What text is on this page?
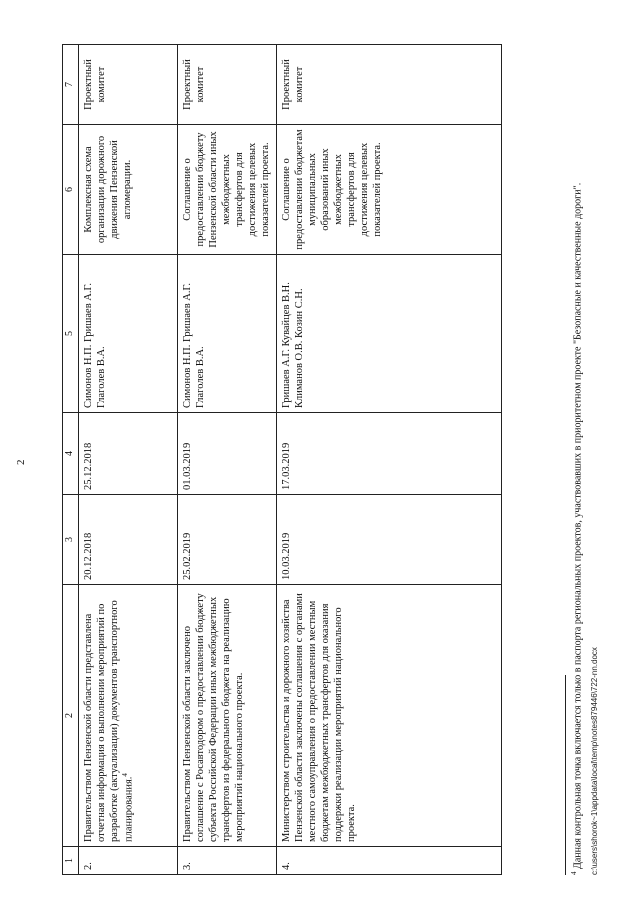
2
1	2	3	4	5	6	7
2.	Правительством Пензенской области представлена отчетная информация о выполнении мероприятий по разработке (актуализации) документов транспортного планирования.$^4$	20.12.2018	25.12.2018	Симонов Н.П. Гришаев А.Г. Глаголев В.А.	Комплексная схема организации дорожного движения Пензенской агломерации.	Проектный комитет
3.	Правительством Пензенской области заключено соглашение с Росавтодором о предоставлении бюджету субъекта Российской Федерации иных межбюджетных трансфертов из федерального бюджета на реализацию мероприятий национального проекта.	25.02.2019	01.03.2019	Симонов Н.П. Гришаев А.Г. Глаголев В.А.	Соглашение о предоставлении бюджету Пензенской области иных межбюджетных трансфертов для достижения целевых показателей проекта.	Проектный комитет
4.	Министерством строительства и дорожного хозяйства Пензенской области заключены соглашения с органами местного самоуправления о предоставлении местным бюджетам межбюджетных трансфертов для оказания поддержки реализации мероприятий национального проекта.	10.03.2019	17.03.2019	Гришаев А.Г. Кувайцев В.Н. Климанов О.В. Козин С.Н.	Соглашение о предоставлении бюджетам муниципальных образований иных межбюджетных трансфертов для достижения целевых показателей проекта.	Проектный комитет
$^4$ Данная контрольная точка включается только в паспорта региональных проектов, участвовавших в приоритетном проекте "Безопасные и качественные дороги". c:\users\shorok~1\appdata\local\temp\notes879446\722-nn.docx
